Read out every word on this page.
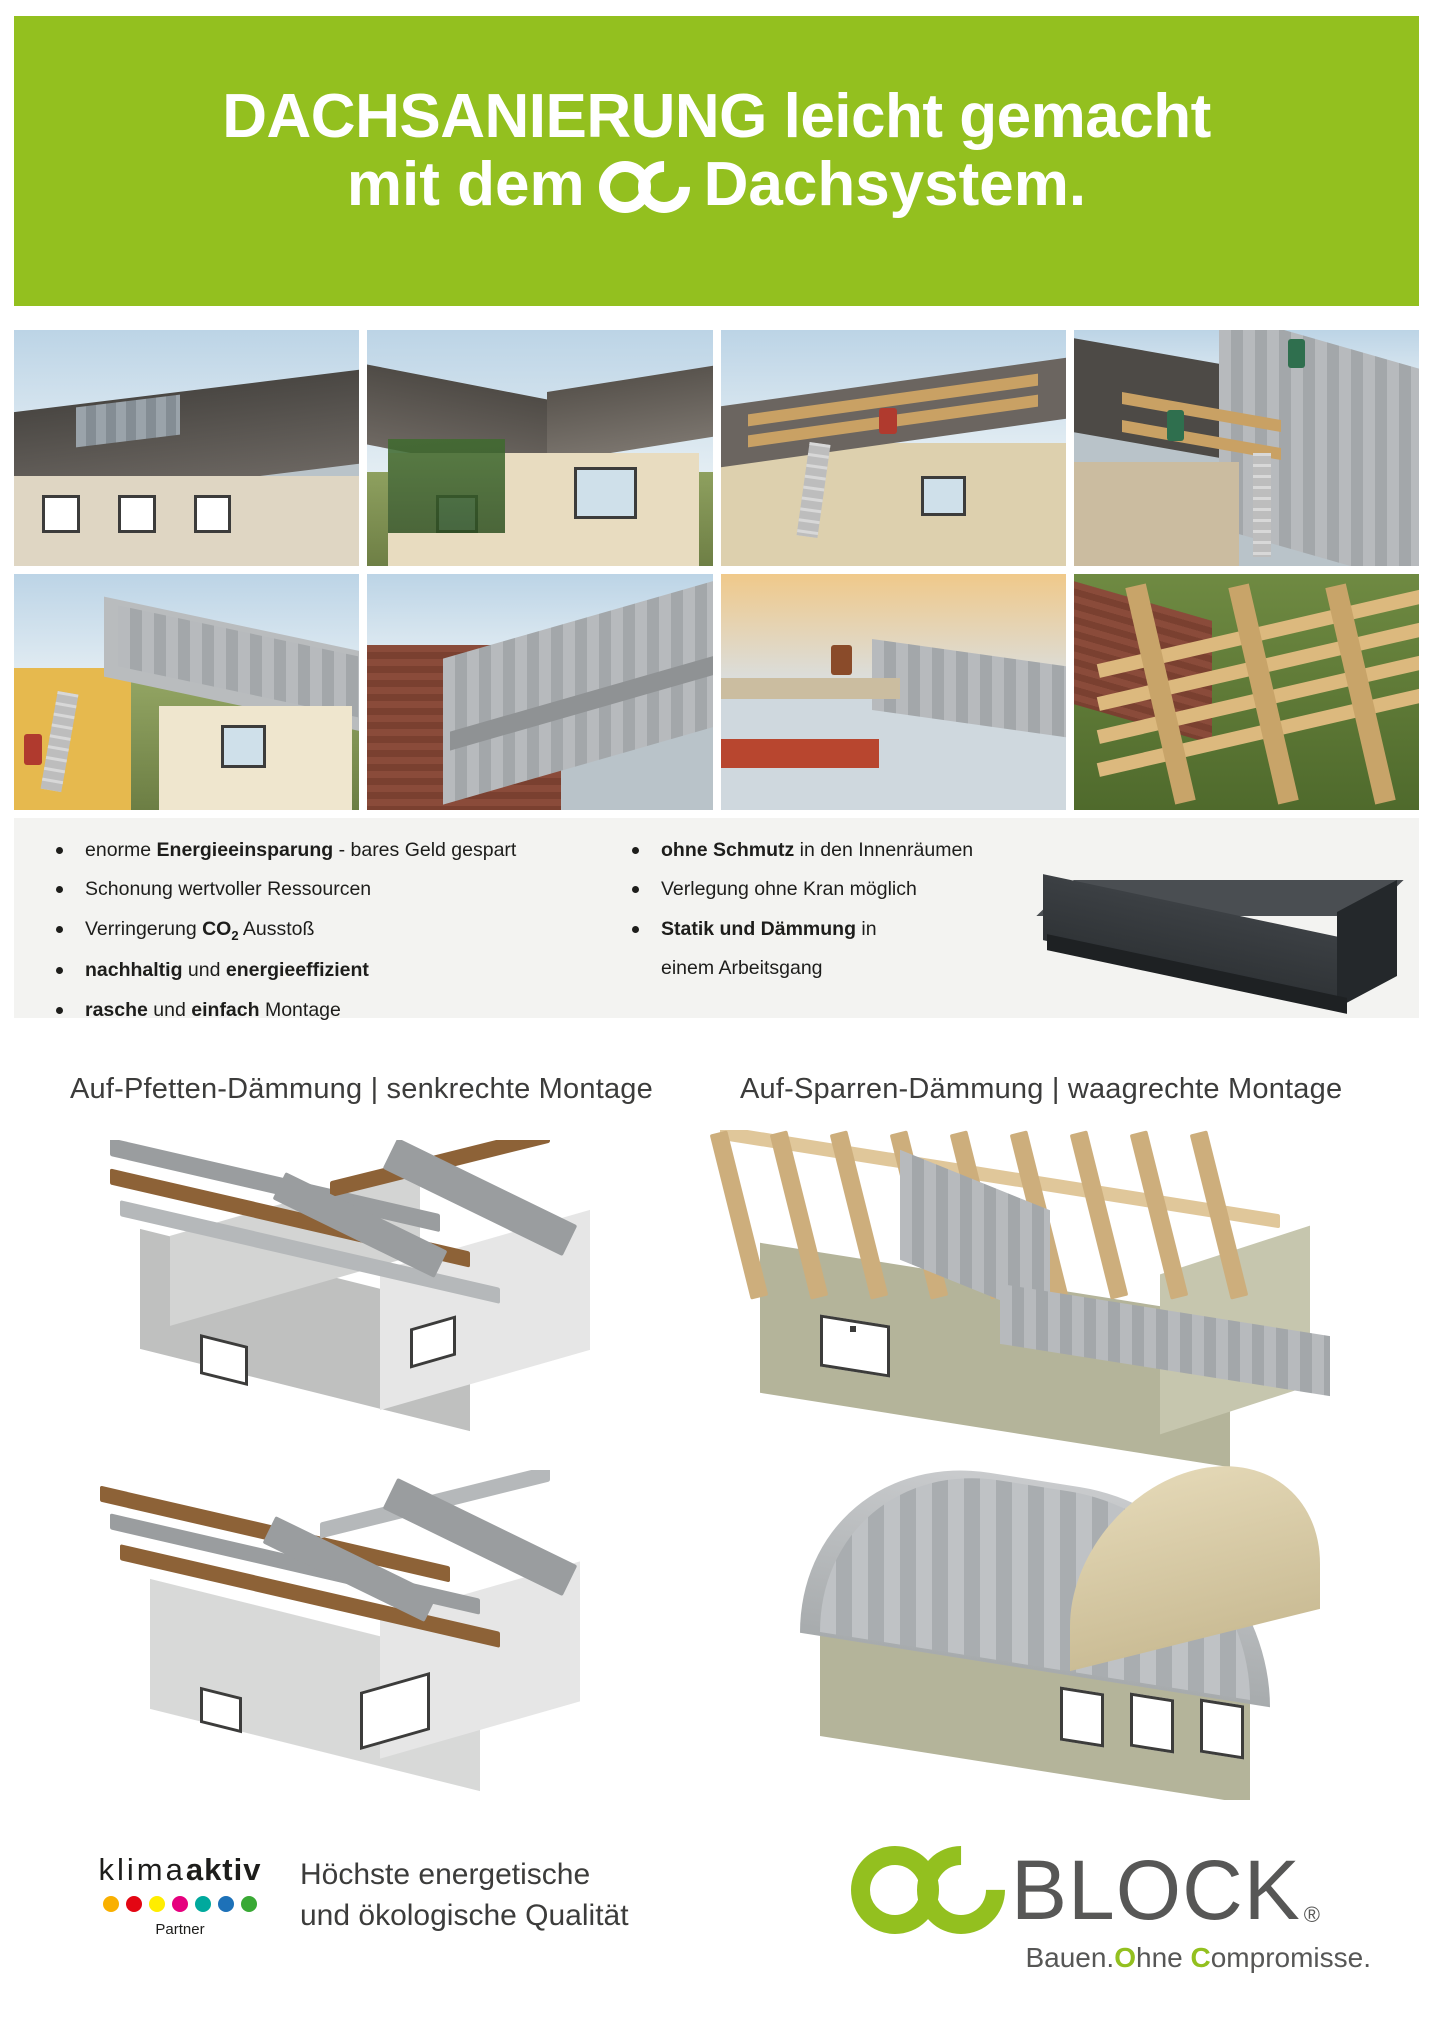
DACHSANIERUNG leicht gemacht
mit dem Dachsystem.
enorme Energieeinsparung - bares Geld gespart
Schonung wertvoller Ressourcen
Verringerung $CO_2$ Ausstoß
nachhaltig und energieeffizient
rasche und einfach Montage
ohne Schmutz in den Innenräumen
Verlegung ohne Kran möglich
Statik und Dämmung in
einem Arbeitsgang
Auf-Pfetten-Dämmung | senkrechte Montage	Auf-Sparren-Dämmung | waagrechte Montage
klimaaktiv
Partner
Höchste energetische
und ökologische Qualität	BLOCK ®
Bauen.Ohne Compromisse.
